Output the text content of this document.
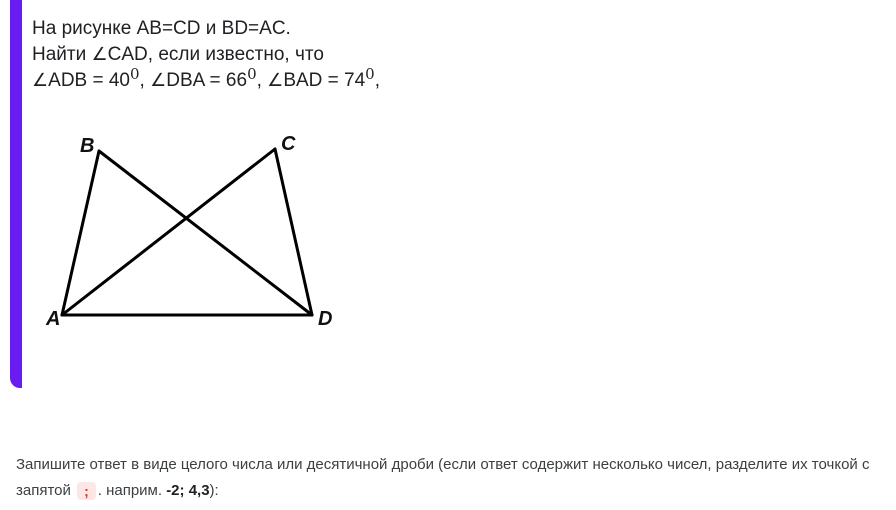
На рисунке AB=CD и BD=AC.
Найти ∠CAD, если известно, что
∠ADB = $40^0$, ∠DBA = $66^0$, ∠BAD = $74^0$,
B	C
A	D
Запишите ответ в виде целого числа или десятичной дроби (если ответ содержит несколько чисел, разделите их точкой с запятой ; . наприм. -2; 4,3):
